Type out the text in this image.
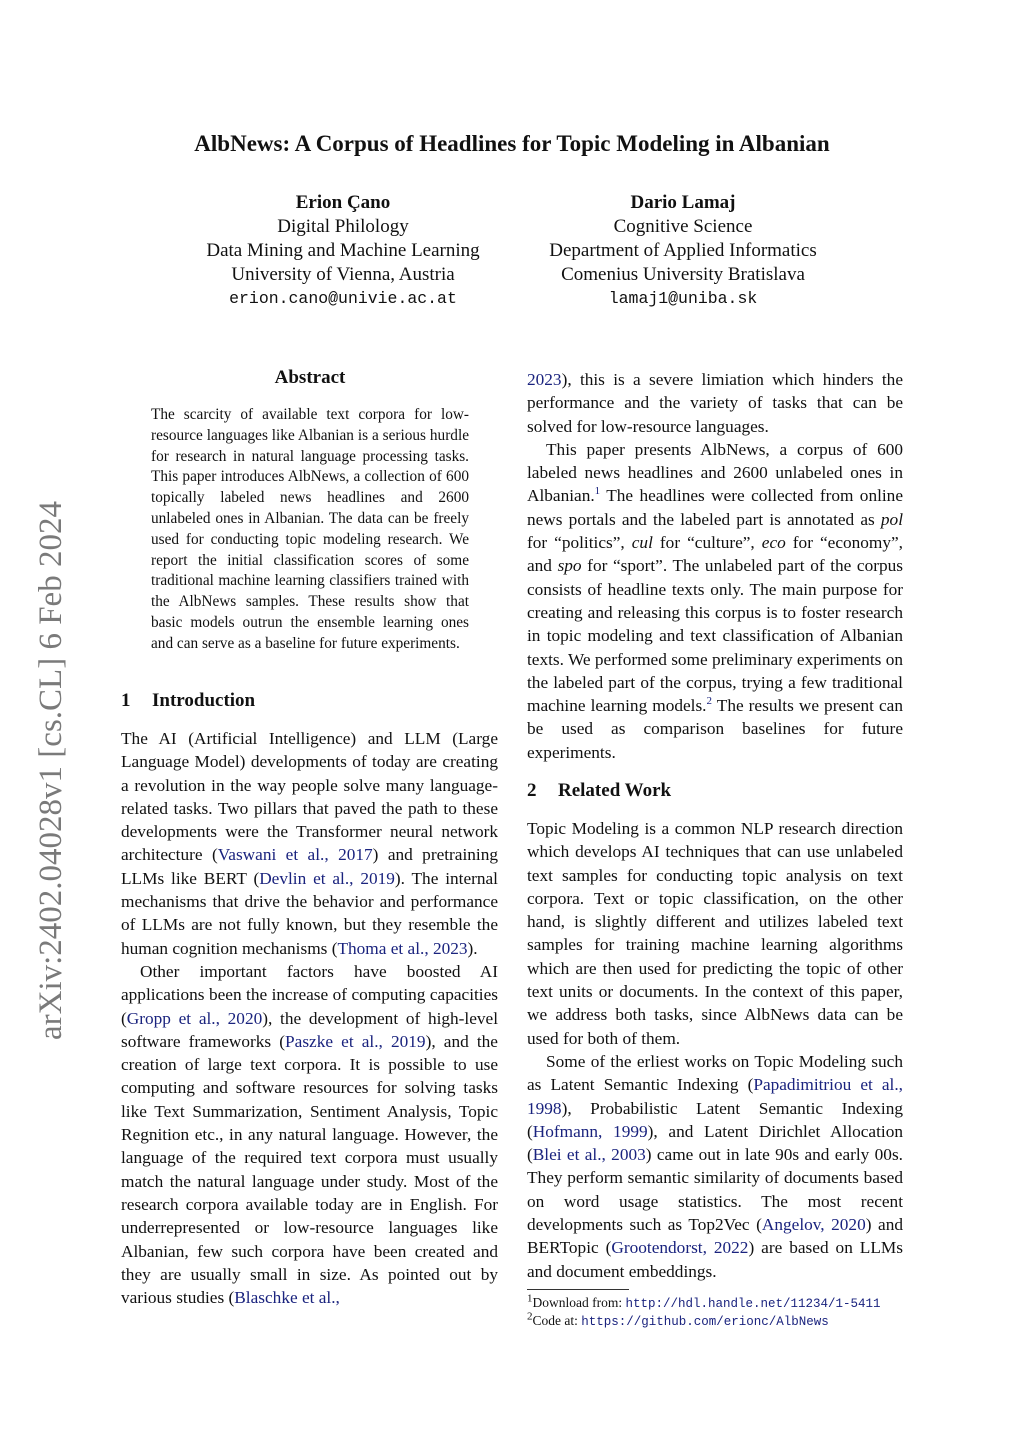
arXiv:2402.04028v1 [cs.CL] 6 Feb 2024
AlbNews: A Corpus of Headlines for Topic Modeling in Albanian
Erion Çano
Digital Philology
Data Mining and Machine Learning
University of Vienna, Austria
erion.cano@univie.ac.at
Dario Lamaj
Cognitive Science
Department of Applied Informatics
Comenius University Bratislava
lamaj1@uniba.sk
Abstract
The scarcity of available text corpora for low-resource languages like Albanian is a serious hurdle for research in natural language processing tasks. This paper introduces AlbNews, a collection of 600 topically labeled news headlines and 2600 unlabeled ones in Albanian. The data can be freely used for conducting topic modeling research. We report the initial classification scores of some traditional machine learning classifiers trained with the AlbNews samples. These results show that basic models outrun the ensemble learning ones and can serve as a baseline for future experiments.
1 Introduction

The AI (Artificial Intelligence) and LLM (Large Language Model) developments of today are creating a revolution in the way people solve many language-related tasks. Two pillars that paved the path to these developments were the Transformer neural network architecture (Vaswani et al., 2017) and pretraining LLMs like BERT (Devlin et al., 2019). The internal mechanisms that drive the behavior and performance of LLMs are not fully known, but they resemble the human cognition mechanisms (Thoma et al., 2023).

Other important factors have boosted AI applications been the increase of computing capacities (Gropp et al., 2020), the development of high-level software frameworks (Paszke et al., 2019), and the creation of large text corpora. It is possible to use computing and software resources for solving tasks like Text Summarization, Sentiment Analysis, Topic Regnition etc., in any natural language. However, the language of the required text corpora must usually match the natural language under study. Most of the research corpora available today are in English. For underrepresented or low-resource languages like Albanian, few such corpora have been created and they are usually small in size. As pointed out by various studies (Blaschke et al.,

2023), this is a severe limiation which hinders the performance and the variety of tasks that can be solved for low-resource languages.

This paper presents AlbNews, a corpus of 600 labeled news headlines and 2600 unlabeled ones in Albanian.$^1$ The headlines were collected from online news portals and the labeled part is annotated as pol for “politics”, cul for “culture”, eco for “economy”, and spo for “sport”. The unlabeled part of the corpus consists of headline texts only. The main purpose for creating and releasing this corpus is to foster research in topic modeling and text classification of Albanian texts. We performed some preliminary experiments on the labeled part of the corpus, trying a few traditional machine learning models.$^2$ The results we present can be used as comparison baselines for future experiments.

2 Related Work

Topic Modeling is a common NLP research direction which develops AI techniques that can use unlabeled text samples for conducting topic analysis on text corpora. Text or topic classification, on the other hand, is slightly different and utilizes labeled text samples for training machine learning algorithms which are then used for predicting the topic of other text units or documents. In the context of this paper, we address both tasks, since AlbNews data can be used for both of them.

Some of the erliest works on Topic Modeling such as Latent Semantic Indexing (Papadimitriou et al., 1998), Probabilistic Latent Semantic Indexing (Hofmann, 1999), and Latent Dirichlet Allocation (Blei et al., 2003) came out in late 90s and early 00s. They perform semantic similarity of documents based on word usage statistics. The most recent developments such as Top2Vec (Angelov, 2020) and BERTopic (Grootendorst, 2022) are based on LLMs and document embeddings.

$^1$Download from: http://hdl.handle.net/11234/1-5411
$^2$Code at: https://github.com/erionc/AlbNews
